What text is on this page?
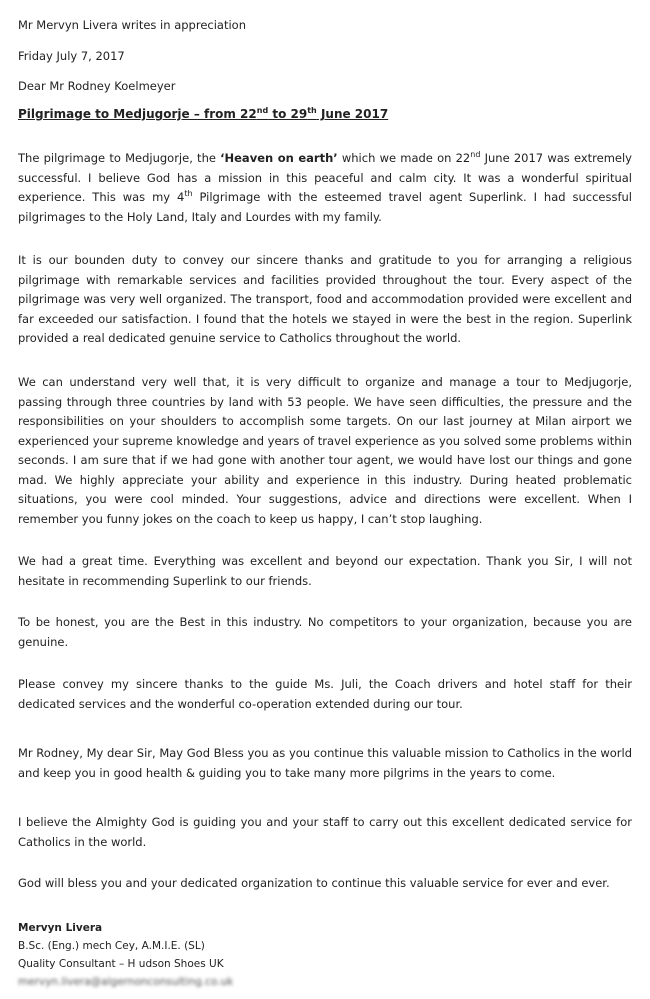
Mr Mervyn Livera writes in appreciation
Friday July 7, 2017
Dear Mr Rodney Koelmeyer
Pilgrimage to Medjugorje – from 22nd to 29th June 2017
The pilgrimage to Medjugorje, the ‘Heaven on earth’ which we made on 22nd June 2017 was extremely successful. I believe God has a mission in this peaceful and calm city. It was a wonderful spiritual experience. This was my 4th Pilgrimage with the esteemed travel agent Superlink. I had successful pilgrimages to the Holy Land, Italy and Lourdes with my family.
It is our bounden duty to convey our sincere thanks and gratitude to you for arranging a religious pilgrimage with remarkable services and facilities provided throughout the tour. Every aspect of the pilgrimage was very well organized. The transport, food and accommodation provided were excellent and far exceeded our satisfaction. I found that the hotels we stayed in were the best in the region. Superlink provided a real dedicated genuine service to Catholics throughout the world.
We can understand very well that, it is very difficult to organize and manage a tour to Medjugorje, passing through three countries by land with 53 people. We have seen difficulties, the pressure and the responsibilities on your shoulders to accomplish some targets. On our last journey at Milan airport we experienced your supreme knowledge and years of travel experience as you solved some problems within seconds. I am sure that if we had gone with another tour agent, we would have lost our things and gone mad. We highly appreciate your ability and experience in this industry. During heated problematic situations, you were cool minded. Your suggestions, advice and directions were excellent. When I remember you funny jokes on the coach to keep us happy, I can’t stop laughing.
We had a great time. Everything was excellent and beyond our expectation. Thank you Sir, I will not hesitate in recommending Superlink to our friends.
To be honest, you are the Best in this industry. No competitors to your organization, because you are genuine.
Please convey my sincere thanks to the guide Ms. Juli, the Coach drivers and hotel staff for their dedicated services and the wonderful co-operation extended during our tour.
Mr Rodney, My dear Sir, May God Bless you as you continue this valuable mission to Catholics in the world and keep you in good health & guiding you to take many more pilgrims in the years to come.
I believe the Almighty God is guiding you and your staff to carry out this excellent dedicated service for Catholics in the world.
God will bless you and your dedicated organization to continue this valuable service for ever and ever.
Mervyn Livera
B.Sc. (Eng.) mech Cey, A.M.I.E. (SL)
Quality Consultant – H udson Shoes UK
mervyn.livera@algernonconsulting.co.uk
